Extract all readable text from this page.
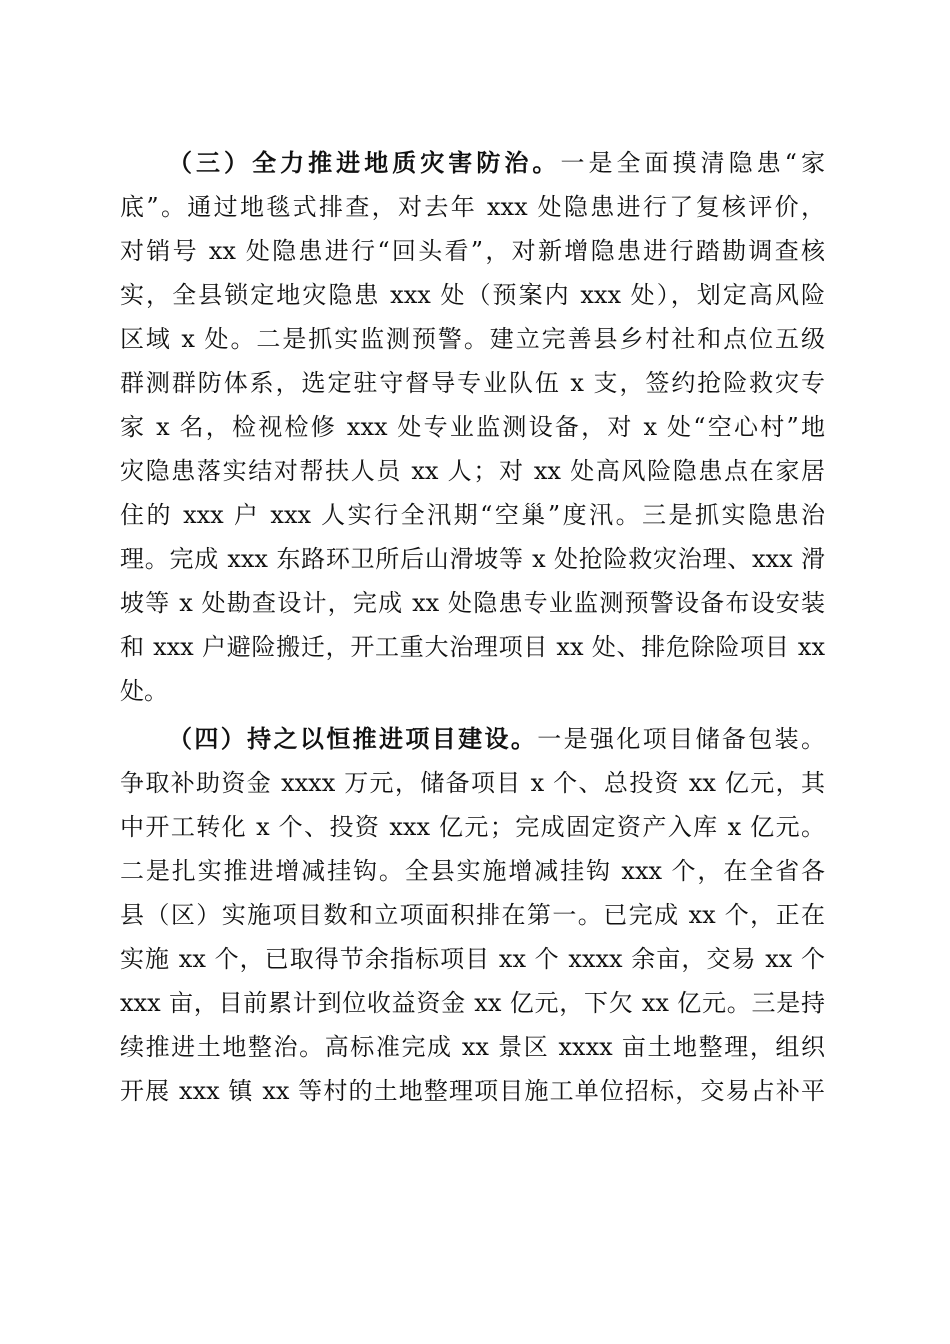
（三）全力推进地质灾害防治。一是全面摸清隐患“家
底”。通过地毯式排查，对去年 xxx 处隐患进行了复核评价，
对销号 xx 处隐患进行“回头看”，对新增隐患进行踏勘调查核
实，全县锁定地灾隐患 xxx 处（预案内 xxx 处），划定高风险
区域 x 处。二是抓实监测预警。建立完善县乡村社和点位五级
群测群防体系，选定驻守督导专业队伍 x 支，签约抢险救灾专
家 x 名，检视检修 xxx 处专业监测设备，对 x 处“空心村”地
灾隐患落实结对帮扶人员 xx 人；对 xx 处高风险隐患点在家居
住的 xxx 户 xxx 人实行全汛期“空巢”度汛。三是抓实隐患治
理。完成 xxx 东路环卫所后山滑坡等 x 处抢险救灾治理、xxx 滑
坡等 x 处勘查设计，完成 xx 处隐患专业监测预警设备布设安装
和 xxx 户避险搬迁，开工重大治理项目 xx 处、排危除险项目 xx
处。
（四）持之以恒推进项目建设。一是强化项目储备包装。
争取补助资金 xxxx 万元，储备项目 x 个、总投资 xx 亿元，其
中开工转化 x 个、投资 xxx 亿元；完成固定资产入库 x 亿元。
二是扎实推进增减挂钩。全县实施增减挂钩 xxx 个，在全省各
县（区）实施项目数和立项面积排在第一。已完成 xx 个，正在
实施 xx 个，已取得节余指标项目 xx 个 xxxx 余亩，交易 xx 个
xxx 亩，目前累计到位收益资金 xx 亿元，下欠 xx 亿元。三是持
续推进土地整治。高标准完成 xx 景区 xxxx 亩土地整理，组织
开展 xxx 镇 xx 等村的土地整理项目施工单位招标，交易占补平
